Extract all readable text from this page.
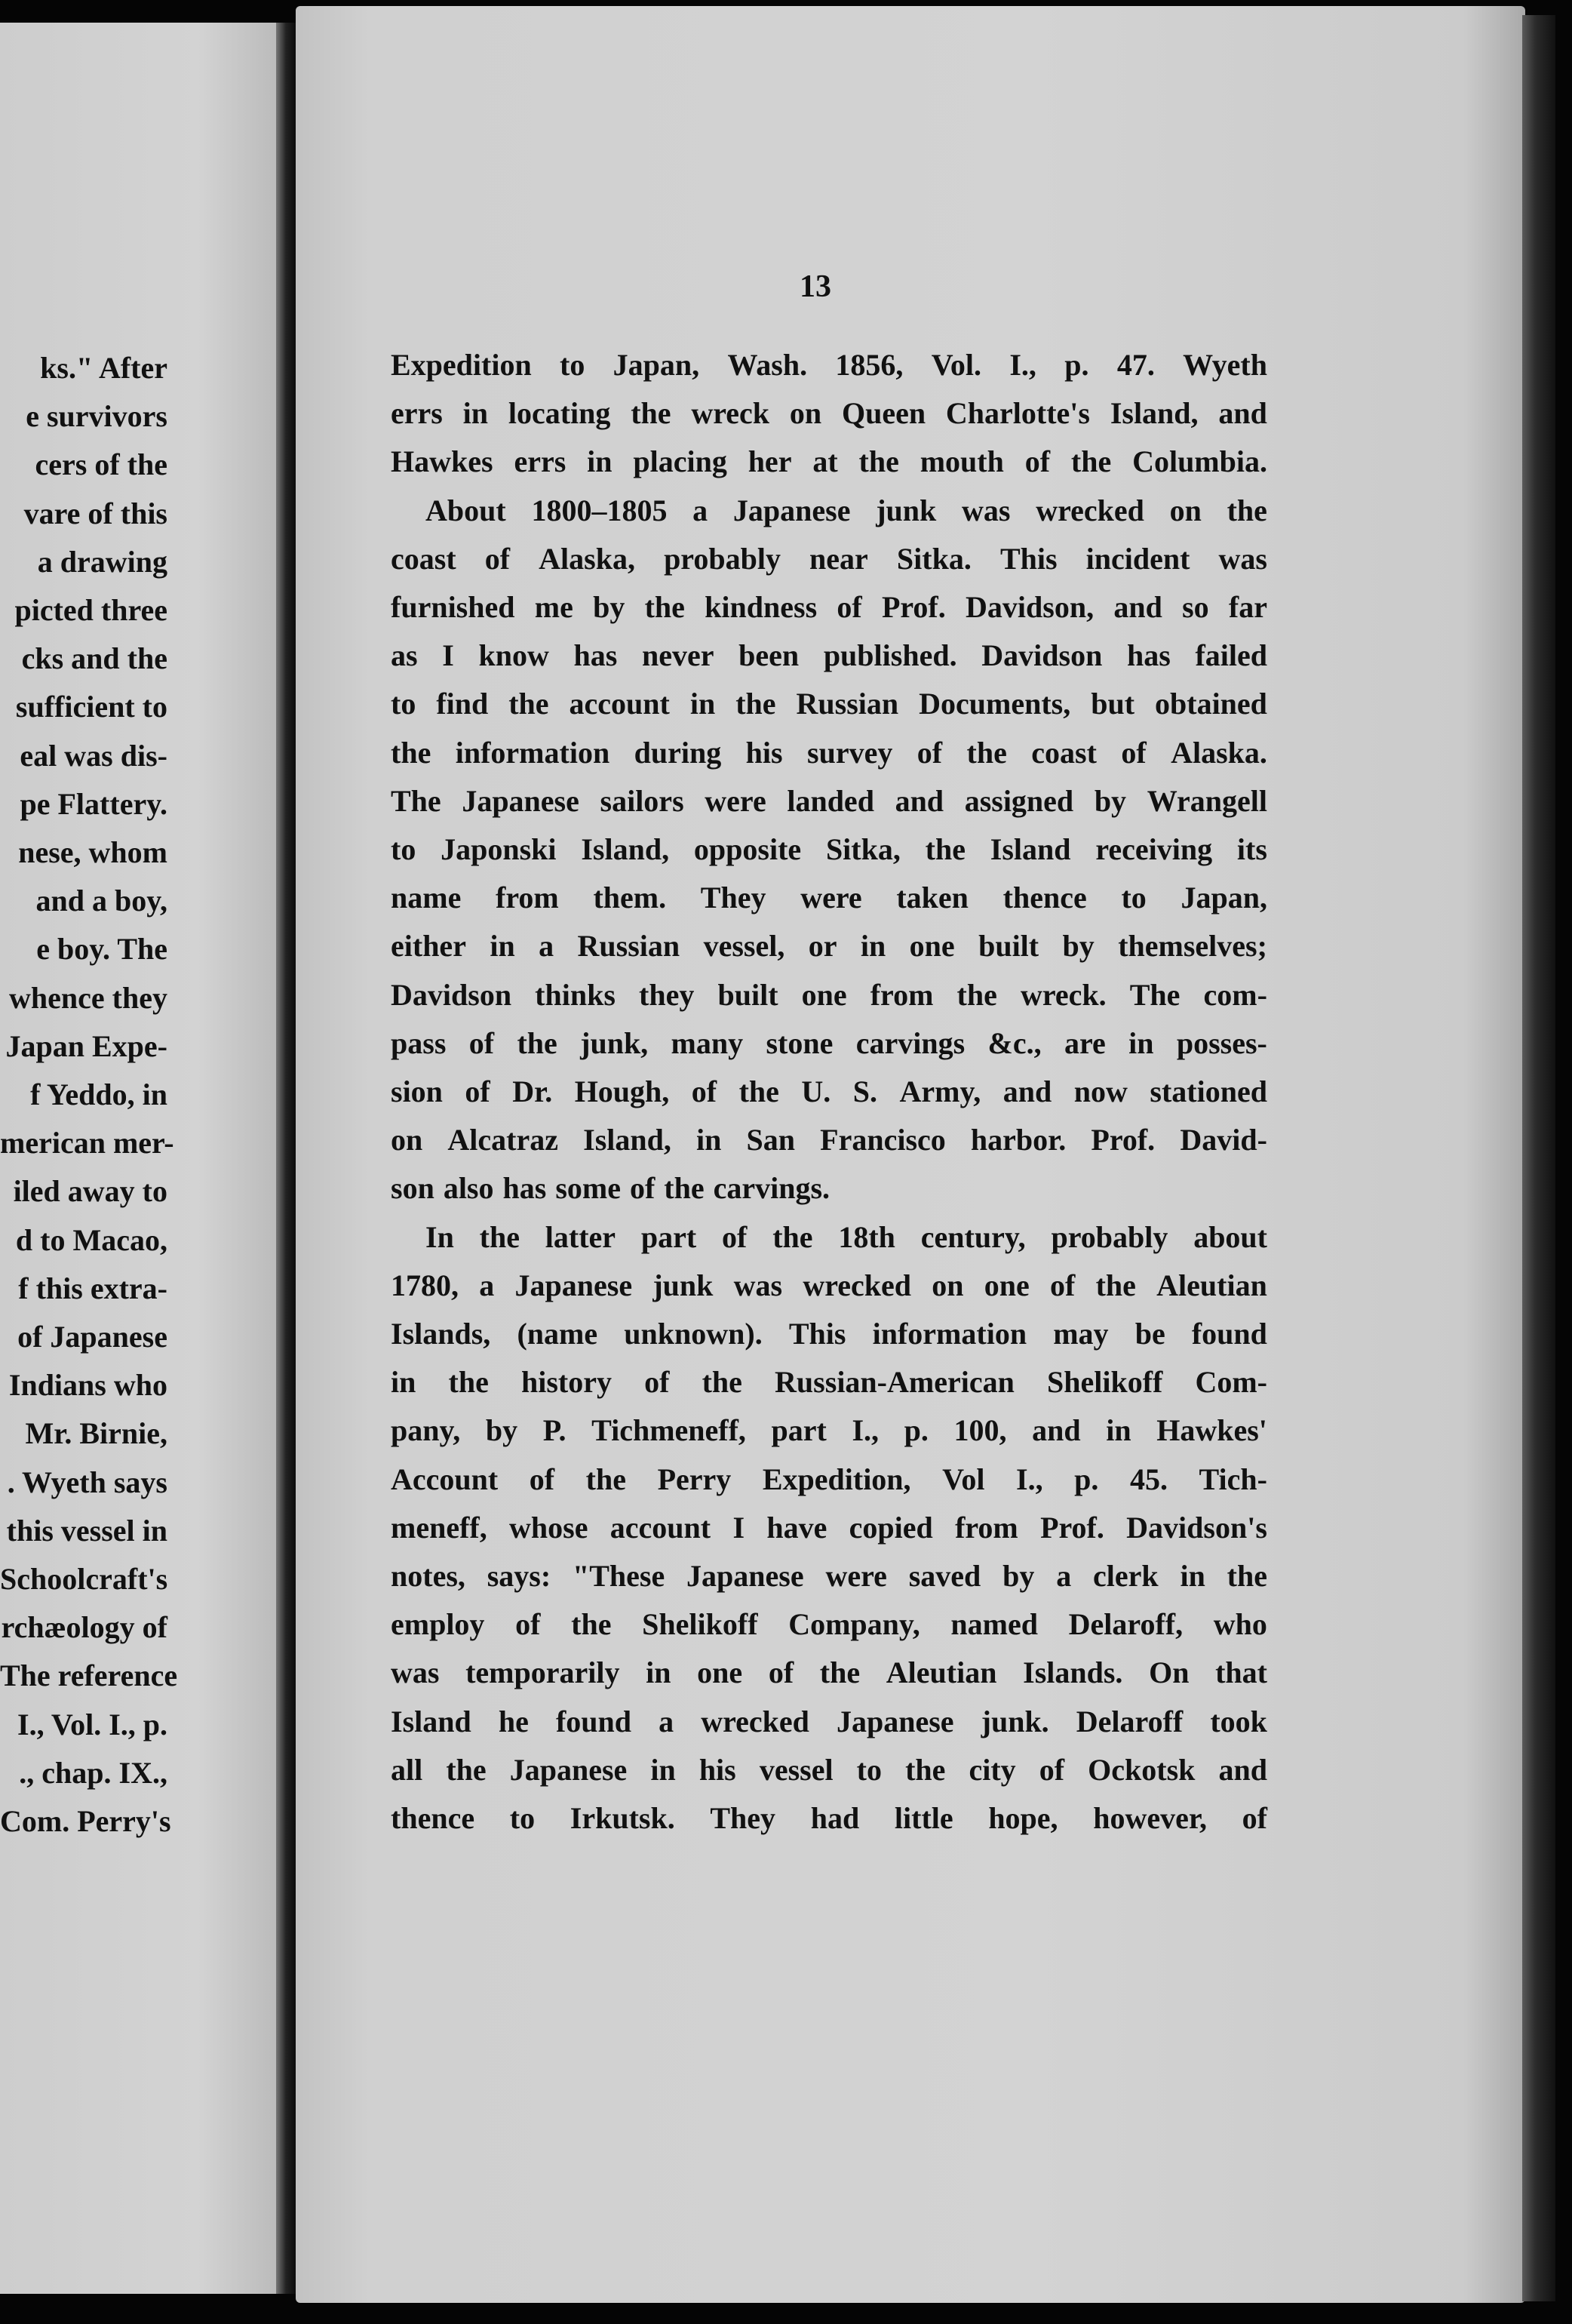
13
ks." After
e survivors
cers of the
vare of this
a drawing
picted three
cks and the
sufficient to
eal was dis-
pe Flattery.
nese, whom
and a boy,
e boy. The
whence they
Japan Expe-
f Yeddo, in
merican mer-
iled away to
d to Macao,
f this extra-
of Japanese
Indians who
Mr. Birnie,
. Wyeth says
this vessel in
Schoolcraft's
rchæology of
The reference
I., Vol. I., p.
., chap. IX.,
Com. Perry's
Expedition to Japan, Wash. 1856, Vol. I., p. 47. Wyeth
errs in locating the wreck on Queen Charlotte's Island, and
Hawkes errs in placing her at the mouth of the Columbia.
About 1800–1805 a Japanese junk was wrecked on the
coast of Alaska, probably near Sitka. This incident was
furnished me by the kindness of Prof. Davidson, and so far
as I know has never been published. Davidson has failed
to find the account in the Russian Documents, but obtained
the information during his survey of the coast of Alaska.
The Japanese sailors were landed and assigned by Wrangell
to Japonski Island, opposite Sitka, the Island receiving its
name from them. They were taken thence to Japan,
either in a Russian vessel, or in one built by themselves;
Davidson thinks they built one from the wreck. The com-
pass of the junk, many stone carvings &c., are in posses-
sion of Dr. Hough, of the U. S. Army, and now stationed
on Alcatraz Island, in San Francisco harbor. Prof. David-
son also has some of the carvings.
In the latter part of the 18th century, probably about
1780, a Japanese junk was wrecked on one of the Aleutian
Islands, (name unknown). This information may be found
in the history of the Russian-American Shelikoff Com-
pany, by P. Tichmeneff, part I., p. 100, and in Hawkes'
Account of the Perry Expedition, Vol I., p. 45. Tich-
meneff, whose account I have copied from Prof. Davidson's
notes, says: "These Japanese were saved by a clerk in the
employ of the Shelikoff Company, named Delaroff, who
was temporarily in one of the Aleutian Islands. On that
Island he found a wrecked Japanese junk. Delaroff took
all the Japanese in his vessel to the city of Ockotsk and
thence to Irkutsk. They had little hope, however, of
